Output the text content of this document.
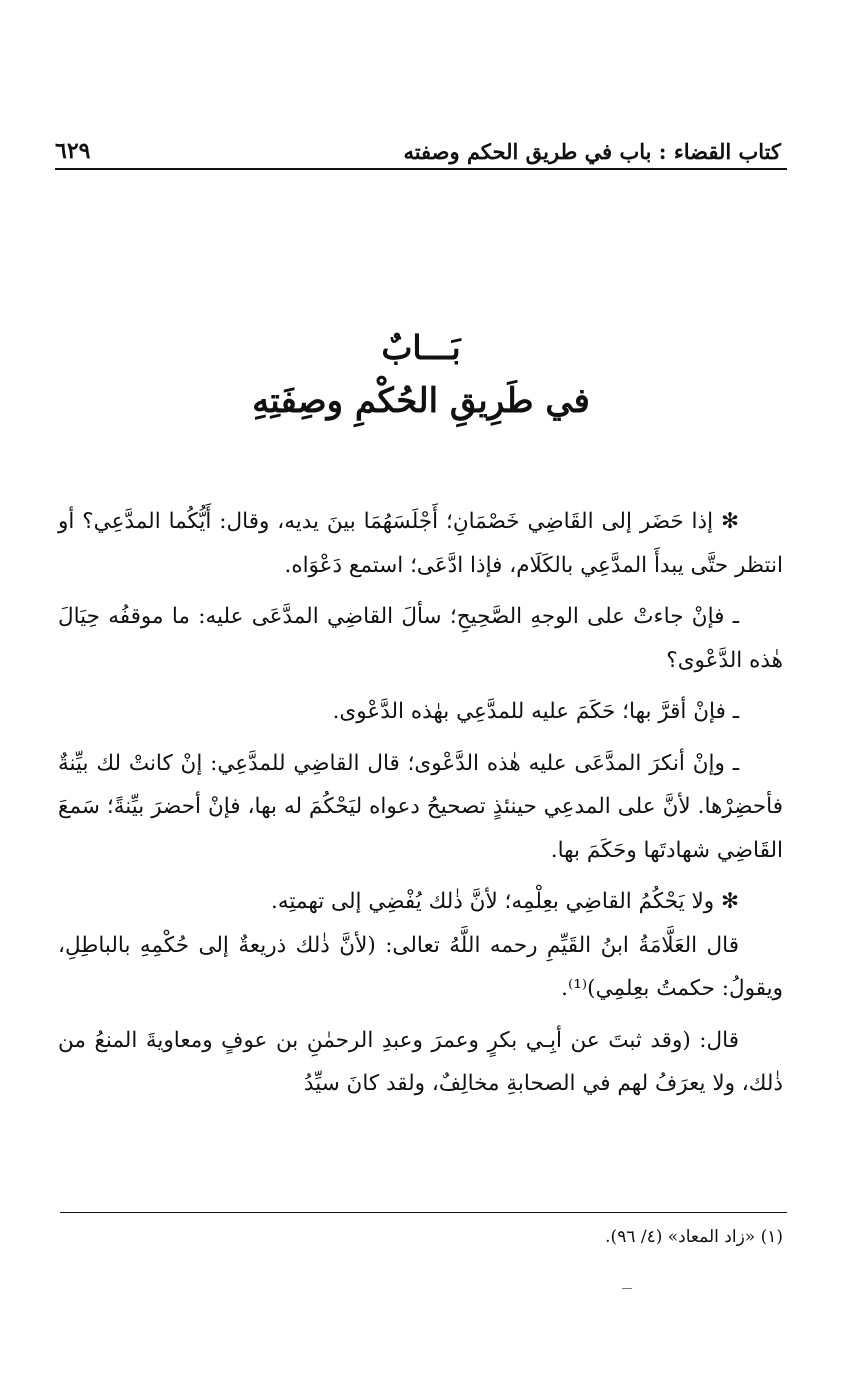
كتاب القضاء : باب في طريق الحكم وصفته
٦٢٩
بَـــابٌ
في طَرِيقِ الحُكْمِ وصِفَتِهِ

✻ إذا حَضَر إلى القَاضِي خَصْمَانِ؛ أَجْلَسَهُمَا بينَ يديه، وقال: أَيُّكُما المدَّعِي؟ أو انتظر حتَّى يبدأَ المدَّعِي بالكَلَام، فإذا ادَّعَى؛ استمع دَعْوَاه.

ـ فإنْ جاءتْ على الوجهِ الصَّحِيحِ؛ سألَ القاضِي المدَّعَى عليه: ما موقفُه حِيَالَ هٰذه الدَّعْوى؟

ـ فإنْ أقرَّ بها؛ حَكَمَ عليه للمدَّعِي بهٰذه الدَّعْوى.

ـ وإنْ أنكرَ المدَّعَى عليه هٰذه الدَّعْوى؛ قال القاضِي للمدَّعِي: إنْ كانتْ لك بيِّنةٌ فأحضِرْها. لأنَّ على المدعِي حينئذٍ تصحيحُ دعواه ليَحْكُمَ له بها، فإنْ أحضرَ بيِّنةً؛ سَمعَ القَاضِي شهادتَها وحَكَمَ بها.

✻ ولا يَحْكُمُ القاضِي بعِلْمِه؛ لأنَّ ذٰلك يُفْضِي إلى تهمتِه.

قال العَلَّامَةُ ابنُ القَيِّمِ رحمه اللَّهُ تعالى: (لأنَّ ذٰلك ذريعةٌ إلى حُكْمِهِ بالباطِلِ، ويقولُ: حكمتُ بعِلمِي)⁽¹⁾.

قال: (وقد ثبتَ عن أبِـي بكرٍ وعمرَ وعبدِ الرحمٰنِ بن عوفٍ ومعاويةَ المنعُ من ذٰلك، ولا يعرَفُ لهم في الصحابةِ مخالِفٌ، ولقد كانَ سيِّدُ

(١) «زاد المعاد» (٤/ ٩٦).
